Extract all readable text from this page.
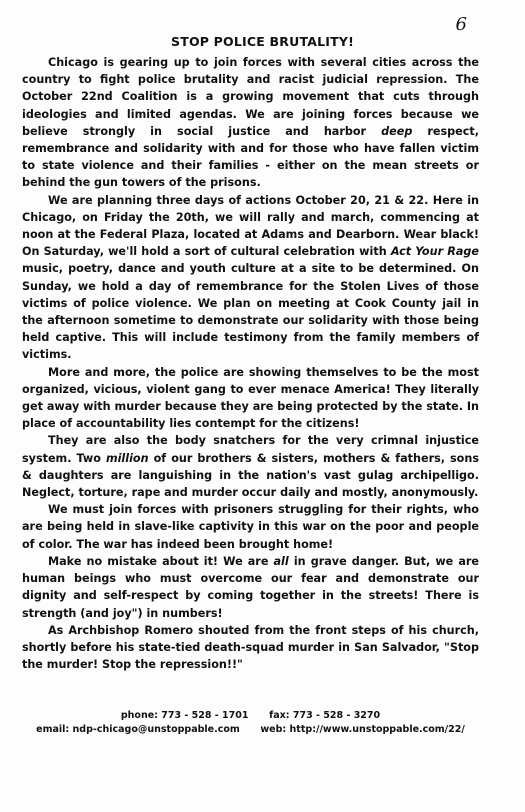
6
STOP POLICE BRUTALITY!

Chicago is gearing up to join forces with several cities across the country to fight police brutality and racist judicial repression. The October 22nd Coalition is a growing movement that cuts through ideologies and limited agendas. We are joining forces because we believe strongly in social justice and harbor deep respect, remembrance and solidarity with and for those who have fallen victim to state violence and their families - either on the mean streets or behind the gun towers of the prisons.

We are planning three days of actions October 20, 21 & 22. Here in Chicago, on Friday the 20th, we will rally and march, commencing at noon at the Federal Plaza, located at Adams and Dearborn. Wear black! On Saturday, we'll hold a sort of cultural celebration with Act Your Rage music, poetry, dance and youth culture at a site to be determined. On Sunday, we hold a day of remembrance for the Stolen Lives of those victims of police violence. We plan on meeting at Cook County jail in the afternoon sometime to demonstrate our solidarity with those being held captive. This will include testimony from the family members of victims.

More and more, the police are showing themselves to be the most organized, vicious, violent gang to ever menace America! They literally get away with murder because they are being protected by the state. In place of accountability lies contempt for the citizens!

They are also the body snatchers for the very crimnal injustice system. Two million of our brothers & sisters, mothers & fathers, sons & daughters are languishing in the nation's vast gulag archipelligo. Neglect, torture, rape and murder occur daily and mostly, anonymously.

We must join forces with prisoners struggling for their rights, who are being held in slave-like captivity in this war on the poor and people of color. The war has indeed been brought home!

Make no mistake about it! We are all in grave danger. But, we are human beings who must overcome our fear and demonstrate our dignity and self-respect by coming together in the streets! There is strength (and joy") in numbers!

As Archbishop Romero shouted from the front steps of his church, shortly before his state-tied death-squad murder in San Salvador, "Stop the murder! Stop the repression!!"

phone: 773 - 528 - 1701 fax: 773 - 528 - 3270
email: ndp-chicago@unstoppable.com web: http://www.unstoppable.com/22/
